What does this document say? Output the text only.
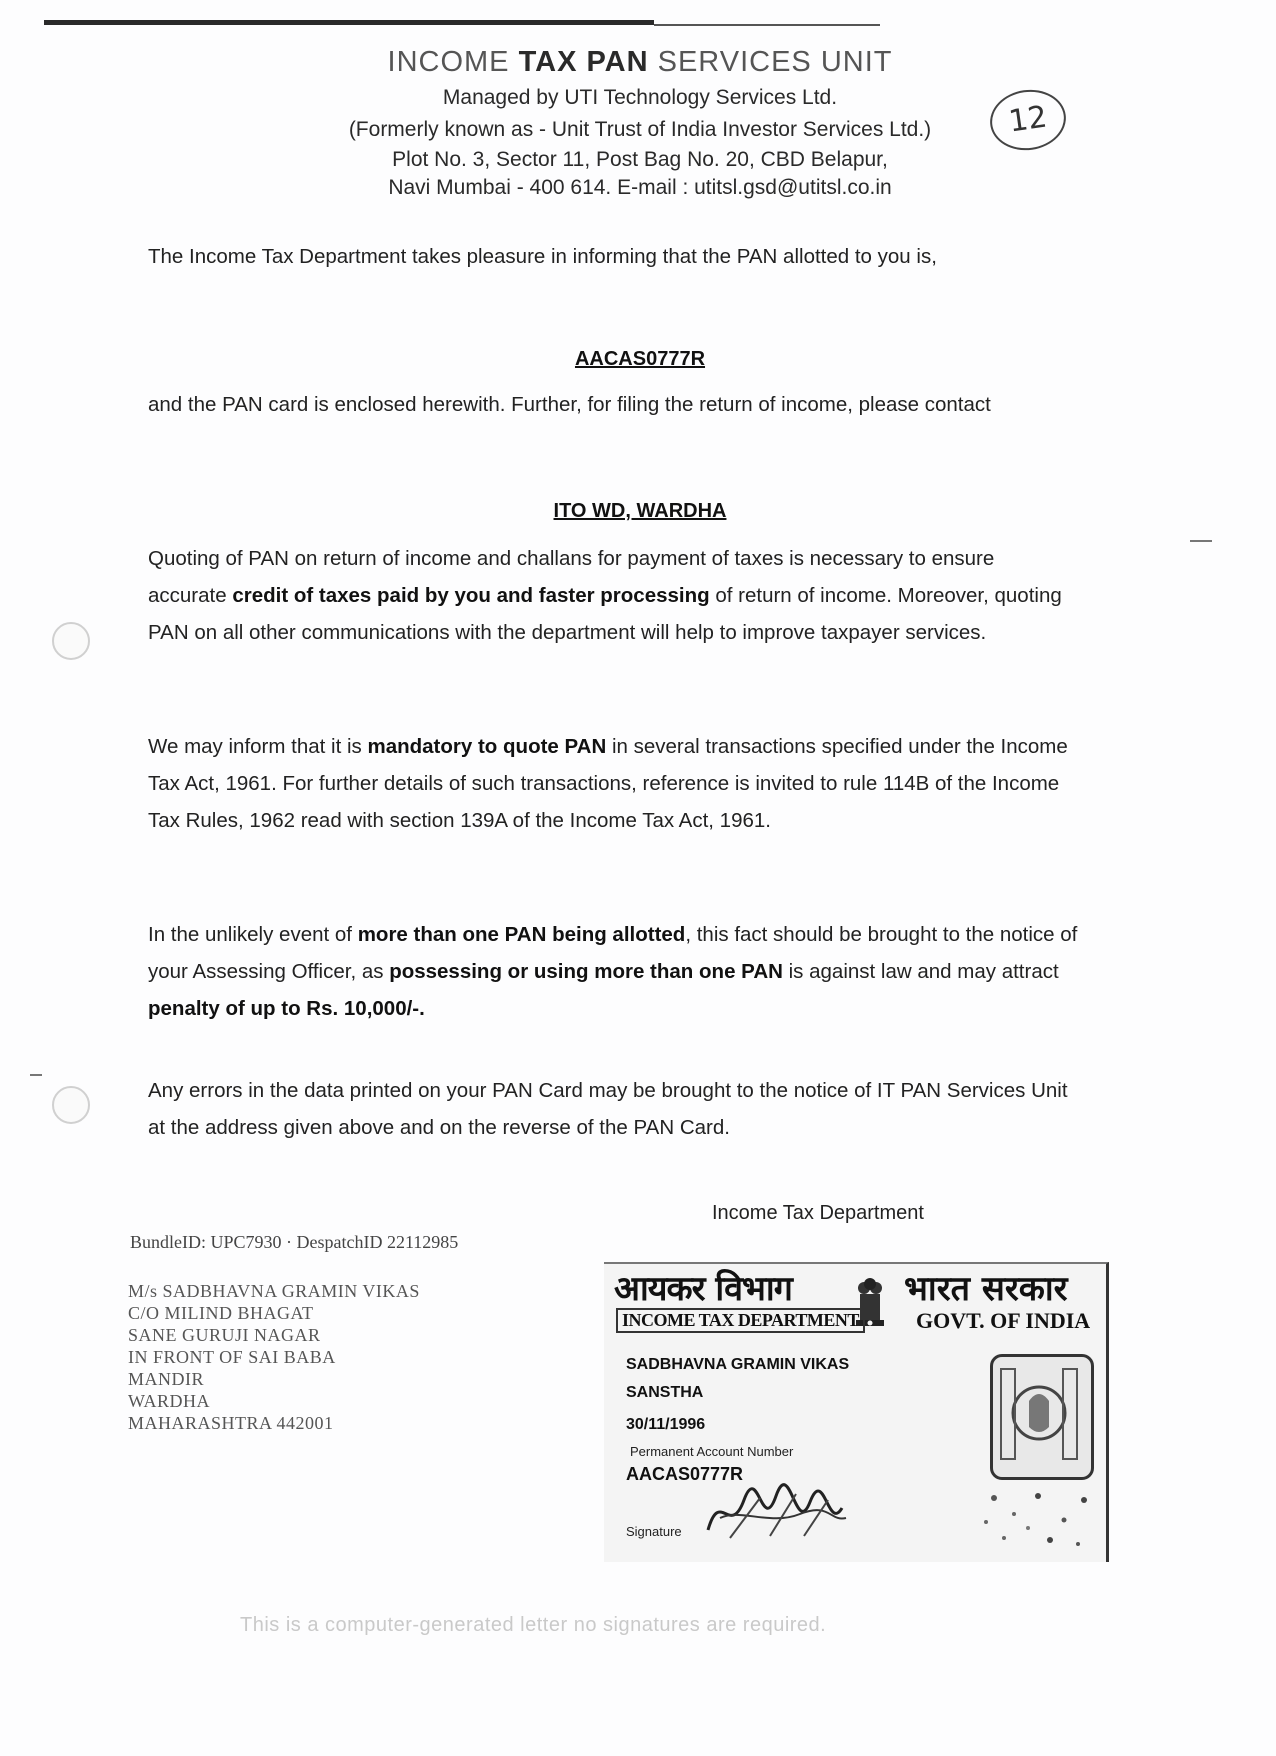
INCOME TAX PAN SERVICES UNIT
Managed by UTI Technology Services Ltd.
(Formerly known as - Unit Trust of India Investor Services Ltd.)
Plot No. 3, Sector 11, Post Bag No. 20, CBD Belapur,
Navi Mumbai - 400 614. E-mail : utitsl.gsd@utitsl.co.in
12
The Income Tax Department takes pleasure in informing that the PAN allotted to you is,
AACAS0777R
and the PAN card is enclosed herewith. Further, for filing the return of income, please contact
ITO WD, WARDHA
Quoting of PAN on return of income and challans for payment of taxes is necessary to ensure accurate credit of taxes paid by you and faster processing of return of income. Moreover, quoting PAN on all other communications with the department will help to improve taxpayer services.
We may inform that it is mandatory to quote PAN in several transactions specified under the Income Tax Act, 1961. For further details of such transactions, reference is invited to rule 114B of the Income Tax Rules, 1962 read with section 139A of the Income Tax Act, 1961.
In the unlikely event of more than one PAN being allotted, this fact should be brought to the notice of your Assessing Officer, as possessing or using more than one PAN is against law and may attract penalty of up to Rs. 10,000/-.
Any errors in the data printed on your PAN Card may be brought to the notice of IT PAN Services Unit at the address given above and on the reverse of the PAN Card.
Income Tax Department
BundleID: UPC7930 · DespatchID 22112985
M/s SADBHAVNA GRAMIN VIKAS
C/O MILIND BHAGAT
SANE GURUJI NAGAR
IN FRONT OF SAI BABA
MANDIR
WARDHA
MAHARASHTRA 442001
आयकर विभाग	भारत सरकार
INCOME TAX DEPARTMENT	GOVT. OF INDIA
SADBHAVNA GRAMIN VIKAS
SANSTHA
30/11/1996
Permanent Account Number
AACAS0777R
Signature
This is a computer-generated letter no signatures are required.
